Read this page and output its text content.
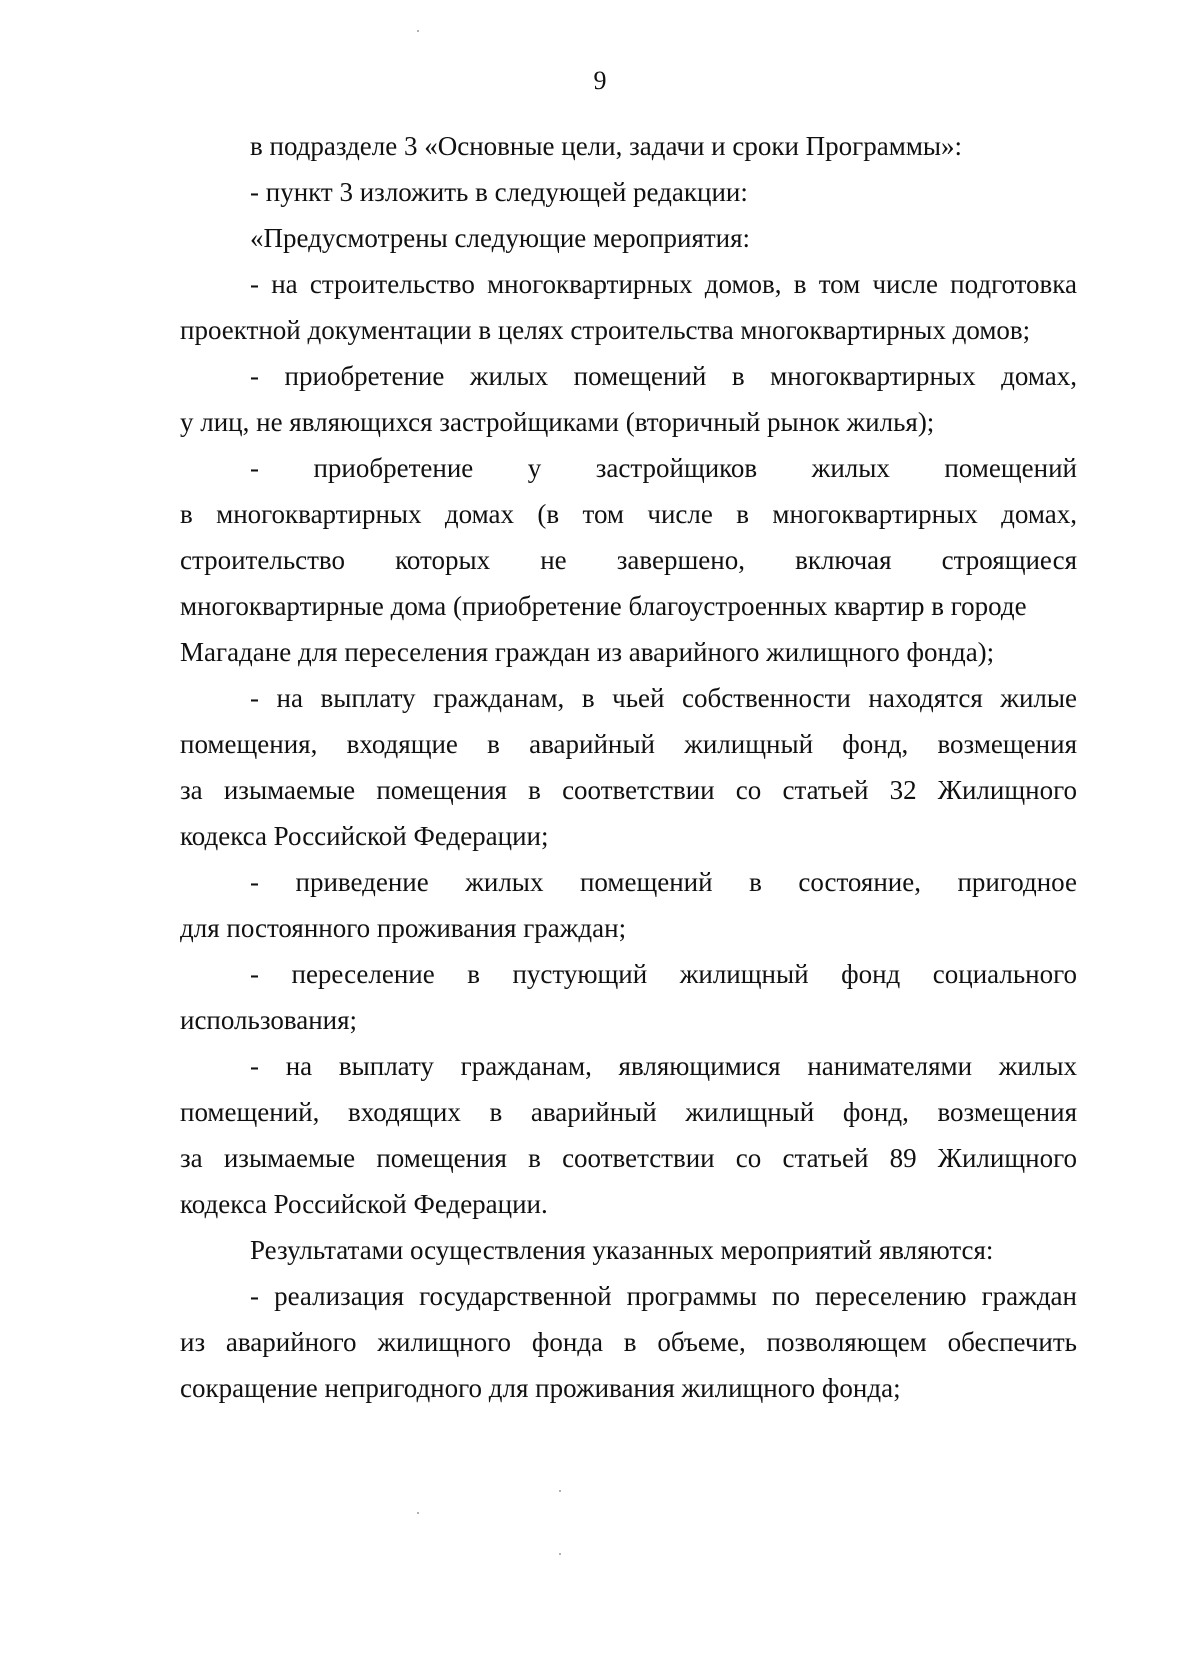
9
в подразделе 3 «Основные цели, задачи и сроки Программы»:
- пункт 3 изложить в следующей редакции:
«Предусмотрены следующие мероприятия:
- на строительство многоквартирных домов, в том числе подготовка
проектной документации в целях строительства многоквартирных домов;
- приобретение жилых помещений в многоквартирных домах,
у лиц, не являющихся застройщиками (вторичный рынок жилья);
- приобретение у застройщиков жилых помещений
в многоквартирных домах (в том числе в многоквартирных домах,
строительство которых не завершено, включая строящиеся
многоквартирные дома (приобретение благоустроенных квартир в городе
Магадане для переселения граждан из аварийного жилищного фонда);
- на выплату гражданам, в чьей собственности находятся жилые
помещения, входящие в аварийный жилищный фонд, возмещения
за изымаемые помещения в соответствии со статьей 32 Жилищного
кодекса Российской Федерации;
- приведение жилых помещений в состояние, пригодное
для постоянного проживания граждан;
- переселение в пустующий жилищный фонд социального
использования;
- на выплату гражданам, являющимися нанимателями жилых
помещений, входящих в аварийный жилищный фонд, возмещения
за изымаемые помещения в соответствии со статьей 89 Жилищного
кодекса Российской Федерации.
Результатами осуществления указанных мероприятий являются:
- реализация государственной программы по переселению граждан
из аварийного жилищного фонда в объеме, позволяющем обеспечить
сокращение непригодного для проживания жилищного фонда;
